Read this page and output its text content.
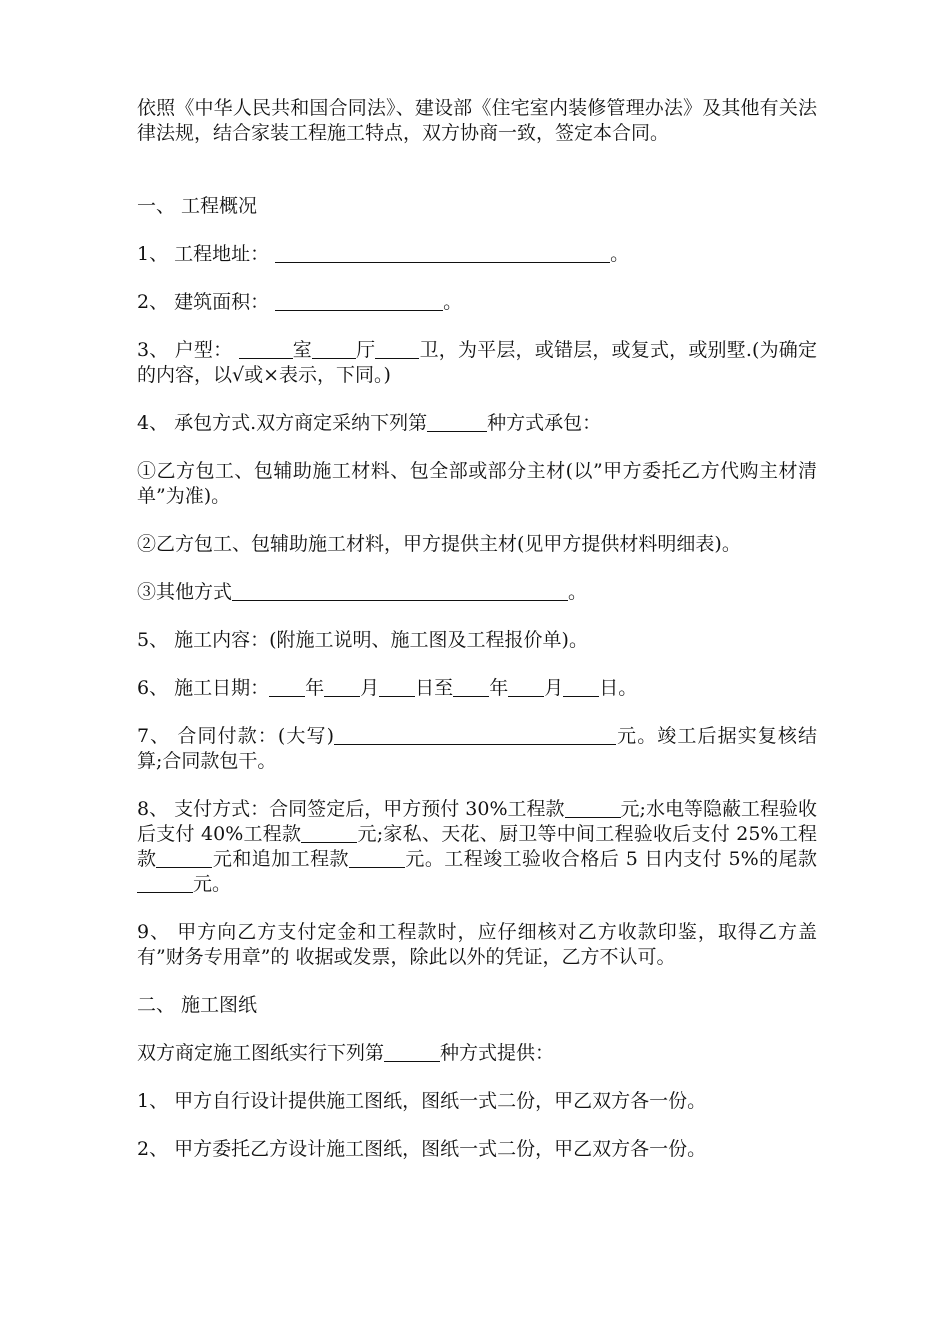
依照《中华人民共和国合同法》、建设部《住宅室内装修管理办法》及其他有关法律法规，结合家装工程施工特点，双方协商一致，签定本合同。

一、 工程概况

1、 工程地址：	。

2、 建筑面积：	。

3、 户型：	室 厅 卫，为平层，或错层，或复式，或别墅.(为确定的内容，以√或×表示，下同。)

4、 承包方式.双方商定采纳下列第	种方式承包：

①乙方包工、包辅助施工材料、包全部或部分主材(以”甲方委托乙方代购主材清单”为准)。

②乙方包工、包辅助施工材料，甲方提供主材(见甲方提供材料明细表)。

③其他方式	。

5、 施工内容：(附施工说明、施工图及工程报价单)。

6、 施工日期： 年 月 日至 年 月 日。

7、 合同付款：(大写)	元。竣工后据实复核结算;合同款包干。

8、 支付方式：合同签定后，甲方预付 30%工程款	元;水电等隐蔽工程验收后支付 40%工程款	元;家私、天花、厨卫等中间工程验收后支付 25%工程款	元和追加工程款	元。工程竣工验收合格后 5 日内支付 5%的尾款元。

9、 甲方向乙方支付定金和工程款时，应仔细核对乙方收款印鉴，取得乙方盖有”财务专用章”的 收据或发票，除此以外的凭证，乙方不认可。

二、 施工图纸

双方商定施工图纸实行下列第	种方式提供：

1、 甲方自行设计提供施工图纸，图纸一式二份，甲乙双方各一份。

2、 甲方委托乙方设计施工图纸，图纸一式二份，甲乙双方各一份。
